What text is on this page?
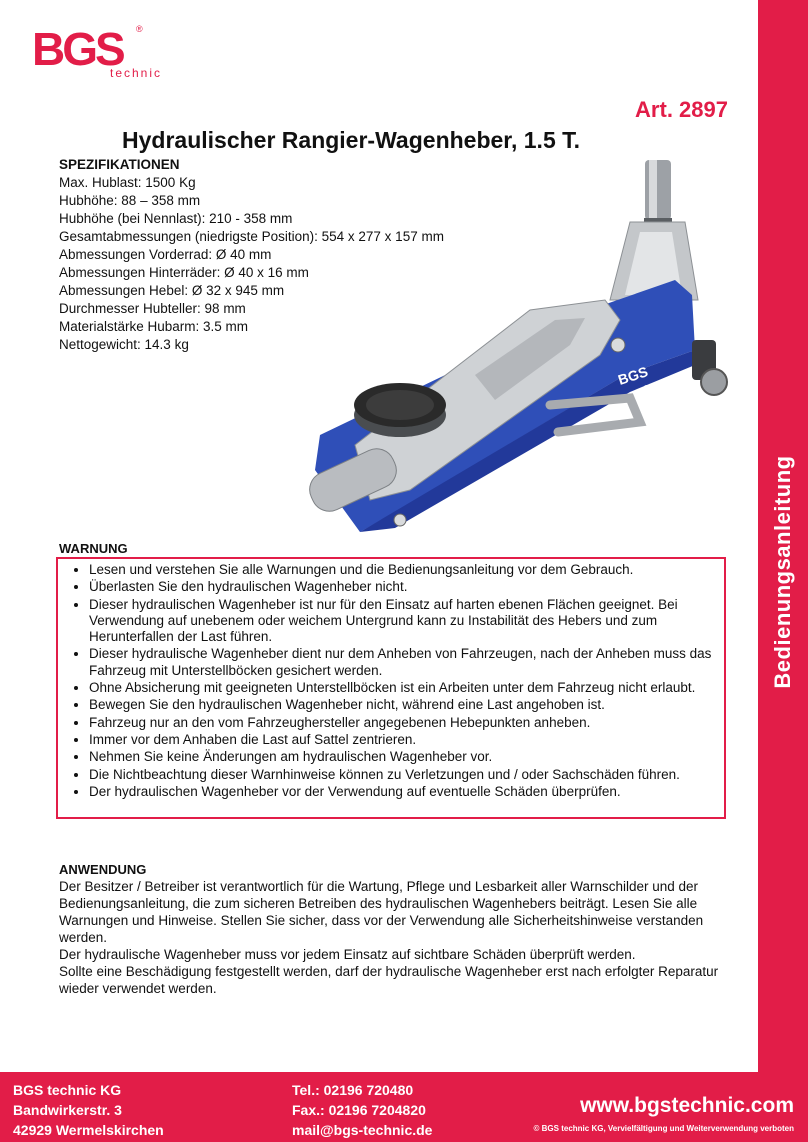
Bedienungsanleitung
BGS ®
technic
Art. 2897
Hydraulischer Rangier-Wagenheber, 1.5 T.
SPEZIFIKATIONEN
Max. Hublast: 1500 Kg
Hubhöhe: 88 – 358 mm
Hubhöhe (bei Nennlast): 210 - 358 mm
Gesamtabmessungen (niedrigste Position): 554 x 277 x 157 mm
Abmessungen Vorderrad: Ø 40 mm
Abmessungen Hinterräder: Ø 40 x 16 mm
Abmessungen Hebel: Ø 32 x 945 mm
Durchmesser Hubteller: 98 mm
Materialstärke Hubarm: 3.5 mm
Nettogewicht: 14.3 kg
BGS
2897
WARNUNG
• Lesen und verstehen Sie alle Warnungen und die Bedienungsanleitung vor dem Gebrauch.
• Überlasten Sie den hydraulischen Wagenheber nicht.
• Dieser hydraulischen Wagenheber ist nur für den Einsatz auf harten ebenen Flächen geeignet. Bei Verwendung auf unebenem oder weichem Untergrund kann zu Instabilität des Hebers und zum Herunterfallen der Last führen.
• Dieser hydraulische Wagenheber dient nur dem Anheben von Fahrzeugen, nach der Anheben muss das Fahrzeug mit Unterstellböcken gesichert werden.
• Ohne Absicherung mit geeigneten Unterstellböcken ist ein Arbeiten unter dem Fahrzeug nicht erlaubt.
• Bewegen Sie den hydraulischen Wagenheber nicht, während eine Last angehoben ist.
• Fahrzeug nur an den vom Fahrzeughersteller angegebenen Hebepunkten anheben.
• Immer vor dem Anhaben die Last auf Sattel zentrieren.
• Nehmen Sie keine Änderungen am hydraulischen Wagenheber vor.
• Die Nichtbeachtung dieser Warnhinweise können zu Verletzungen und / oder Sachschäden führen.
• Der hydraulischen Wagenheber vor der Verwendung auf eventuelle Schäden überprüfen.
ANWENDUNG

Der Besitzer / Betreiber ist verantwortlich für die Wartung, Pflege und Lesbarkeit aller Warnschilder und der Bedienungsanleitung, die zum sicheren Betreiben des hydraulischen Wagenhebers beiträgt. Lesen Sie alle Warnungen und Hinweise. Stellen Sie sicher, dass vor der Verwendung alle Sicherheitshinweise verstanden werden.

Der hydraulische Wagenheber muss vor jedem Einsatz auf sichtbare Schäden überprüft werden.

Sollte eine Beschädigung festgestellt werden, darf der hydraulische Wagenheber erst nach erfolgter Reparatur wieder verwendet werden.

BGS technic KG
Bandwirkerstr. 3
42929 Wermelskirchen
Tel.: 02196 720480
Fax.: 02196 7204820
mail@bgs-technic.de
www.bgstechnic.com
© BGS technic KG, Vervielfältigung und Weiterverwendung verboten
